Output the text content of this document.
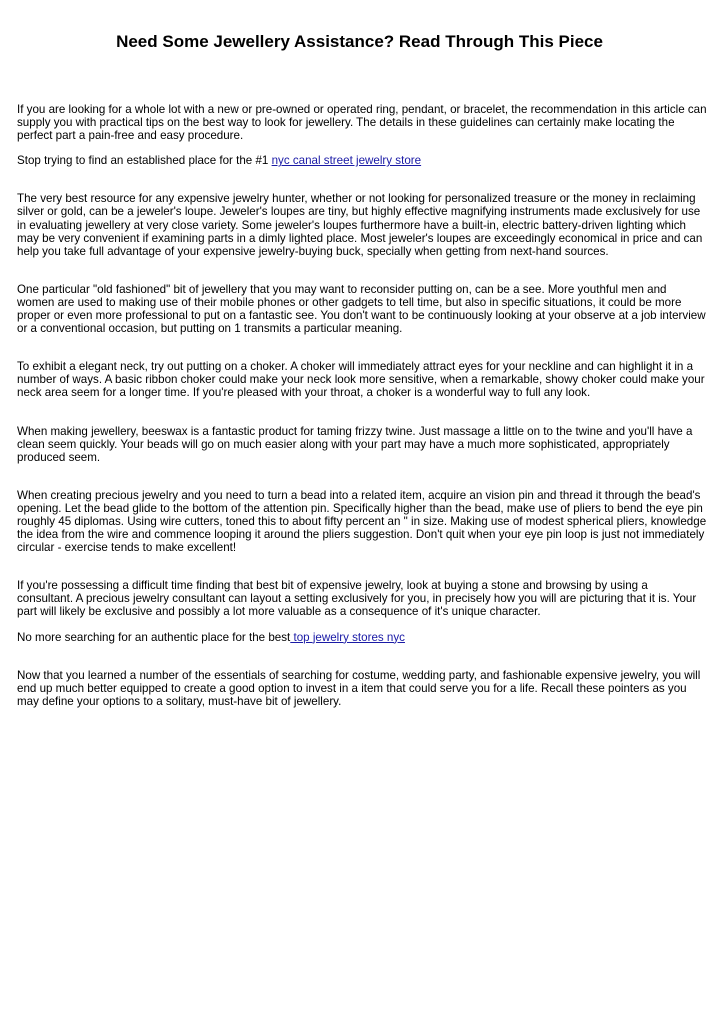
Need Some Jewellery Assistance? Read Through This Piece

If you are looking for a whole lot with a new or pre-owned or operated ring, pendant, or bracelet, the recommendation in this article can supply you with practical tips on the best way to look for jewellery. The details in these guidelines can certainly make locating the perfect part a pain-free and easy procedure.

Stop trying to find an established place for the #1 nyc canal street jewelry store

The very best resource for any expensive jewelry hunter, whether or not looking for personalized treasure or the money in reclaiming silver or gold, can be a jeweler's loupe. Jeweler's loupes are tiny, but highly effective magnifying instruments made exclusively for use in evaluating jewellery at very close variety. Some jeweler's loupes furthermore have a built-in, electric battery-driven lighting which may be very convenient if examining parts in a dimly lighted place. Most jeweler's loupes are exceedingly economical in price and can help you take full advantage of your expensive jewelry-buying buck, specially when getting from next-hand sources.

One particular "old fashioned" bit of jewellery that you may want to reconsider putting on, can be a see. More youthful men and women are used to making use of their mobile phones or other gadgets to tell time, but also in specific situations, it could be more proper or even more professional to put on a fantastic see. You don't want to be continuously looking at your observe at a job interview or a conventional occasion, but putting on 1 transmits a particular meaning.

To exhibit a elegant neck, try out putting on a choker. A choker will immediately attract eyes for your neckline and can highlight it in a number of ways. A basic ribbon choker could make your neck look more sensitive, when a remarkable, showy choker could make your neck area seem for a longer time. If you're pleased with your throat, a choker is a wonderful way to full any look.

When making jewellery, beeswax is a fantastic product for taming frizzy twine. Just massage a little on to the twine and you'll have a clean seem quickly. Your beads will go on much easier along with your part may have a much more sophisticated, appropriately produced seem.

When creating precious jewelry and you need to turn a bead into a related item, acquire an vision pin and thread it through the bead's opening. Let the bead glide to the bottom of the attention pin. Specifically higher than the bead, make use of pliers to bend the eye pin roughly 45 diplomas. Using wire cutters, toned this to about fifty percent an " in size. Making use of modest spherical pliers, knowledge the idea from the wire and commence looping it around the pliers suggestion. Don't quit when your eye pin loop is just not immediately circular - exercise tends to make excellent!

If you're possessing a difficult time finding that best bit of expensive jewelry, look at buying a stone and browsing by using a consultant. A precious jewelry consultant can layout a setting exclusively for you, in precisely how you will are picturing that it is. Your part will likely be exclusive and possibly a lot more valuable as a consequence of it's unique character.

No more searching for an authentic place for the best top jewelry stores nyc

Now that you learned a number of the essentials of searching for costume, wedding party, and fashionable expensive jewelry, you will end up much better equipped to create a good option to invest in a item that could serve you for a life. Recall these pointers as you may define your options to a solitary, must-have bit of jewellery.
